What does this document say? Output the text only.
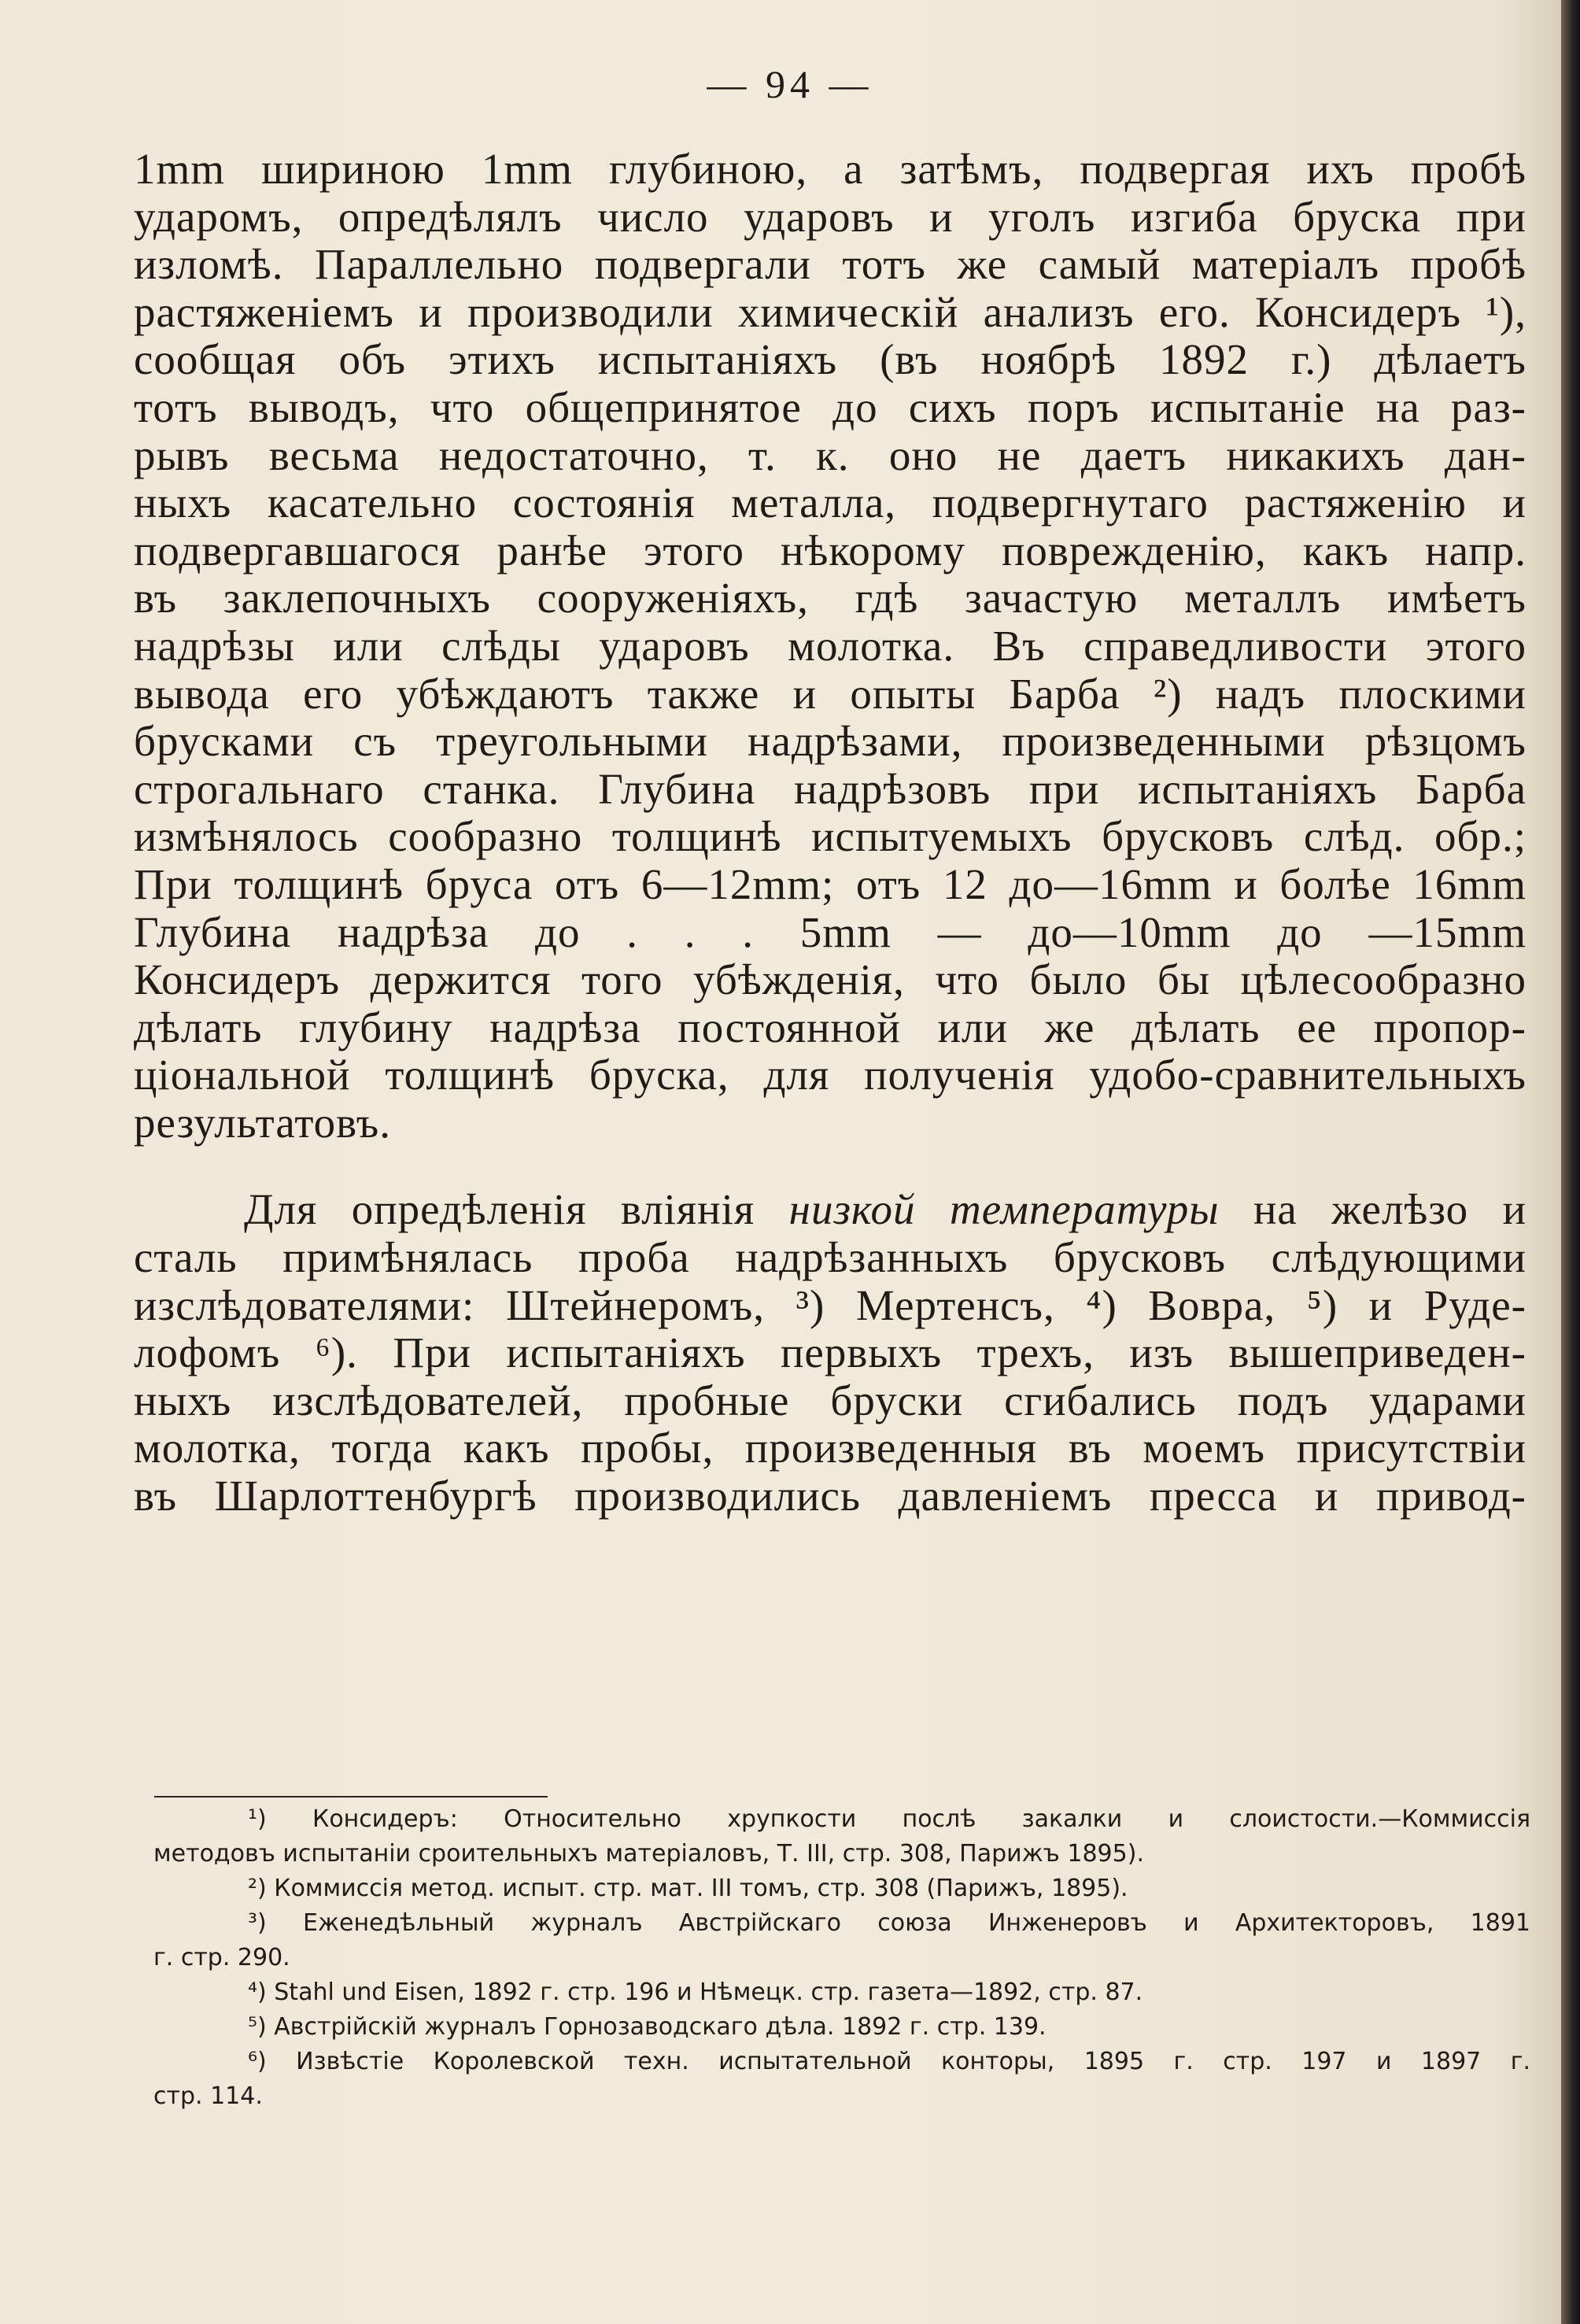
— 94 —
1mm шириною 1mm глубиною, а затѣмъ, подвергая ихъ пробѣ
ударомъ, опредѣлялъ число ударовъ и уголъ изгиба бруска при
изломѣ. Параллельно подвергали тотъ же самый матеріалъ пробѣ
растяженіемъ и производили химическій анализъ его. Консидеръ ¹),
сообщая объ этихъ испытаніяхъ (въ ноябрѣ 1892 г.) дѣлаетъ
тотъ выводъ, что общепринятое до сихъ поръ испытаніе на раз-
рывъ весьма недостаточно, т. к. оно не даетъ никакихъ дан-
ныхъ касательно состоянія металла, подвергнутаго растяженію и
подвергавшагося ранѣе этого нѣкорому поврежденію, какъ напр.
въ заклепочныхъ сооруженіяхъ, гдѣ зачастую металлъ имѣетъ
надрѣзы или слѣды ударовъ молотка. Въ справедливости этого
вывода его убѣждаютъ также и опыты Барба ²) надъ плоскими
брусками съ треугольными надрѣзами, произведенными рѣзцомъ
строгальнаго станка. Глубина надрѣзовъ при испытаніяхъ Барба
измѣнялось сообразно толщинѣ испытуемыхъ брусковъ слѣд. обр.;
При толщинѣ бруса отъ 6—12mm; отъ 12 до—16mm и болѣе 16mm
Глубина надрѣза до . . . 5mm — до—10mm до —15mm
Консидеръ держится того убѣжденія, что было бы цѣлесообразно
дѣлать глубину надрѣза постоянной или же дѣлать ее пропор-
ціональной толщинѣ бруска, для полученія удобо-сравнительныхъ
результатовъ.
Для опредѣленія вліянія низкой температуры на желѣзо и
сталь примѣнялась проба надрѣзанныхъ брусковъ слѣдующими
изслѣдователями: Штейнеромъ, ³) Мертенсъ, ⁴) Вовра, ⁵) и Руде-
лофомъ ⁶). При испытаніяхъ первыхъ трехъ, изъ вышеприведен-
ныхъ изслѣдователей, пробные бруски сгибались подъ ударами
молотка, тогда какъ пробы, произведенныя въ моемъ присутствіи
въ Шарлоттенбургѣ производились давленіемъ пресса и привод-
¹) Консидеръ: Относительно хрупкости послѣ закалки и слоистости.—Коммиссія
методовъ испытаніи сроительныхъ матеріаловъ, Т. III, стр. 308, Парижъ 1895).
²) Коммиссія метод. испыт. стр. мат. III томъ, стр. 308 (Парижъ, 1895).
³) Еженедѣльный журналъ Австрійскаго союза Инженеровъ и Архитекторовъ, 1891
г. стр. 290.
⁴) Stahl und Eisen, 1892 г. стр. 196 и Нѣмецк. стр. газета—1892, стр. 87.
⁵) Австрійскій журналъ Горнозаводскаго дѣла. 1892 г. стр. 139.
⁶) Извѣстіе Королевской техн. испытательной конторы, 1895 г. стр. 197 и 1897 г.
стр. 114.
